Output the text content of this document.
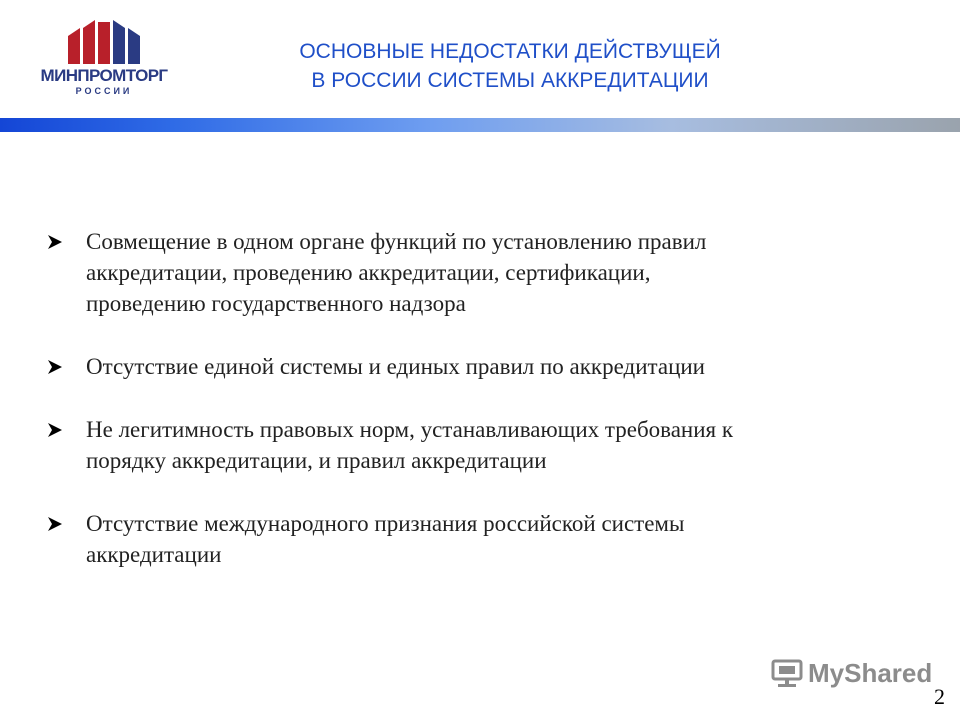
МИНПРОМТОРГ
РОССИИ
ОСНОВНЫЕ НЕДОСТАТКИ ДЕЙСТВУЩЕЙ
В РОССИИ СИСТЕМЫ АККРЕДИТАЦИИ
Совмещение в одном органе функций по установлению правил
аккредитации, проведению аккредитации, сертификации,
проведению государственного надзора
Отсутствие единой системы и единых правил по аккредитации
Не легитимность правовых норм, устанавливающих требования к
порядку аккредитации, и правил аккредитации
Отсутствие международного признания российской системы
аккредитации
MyShared
2
